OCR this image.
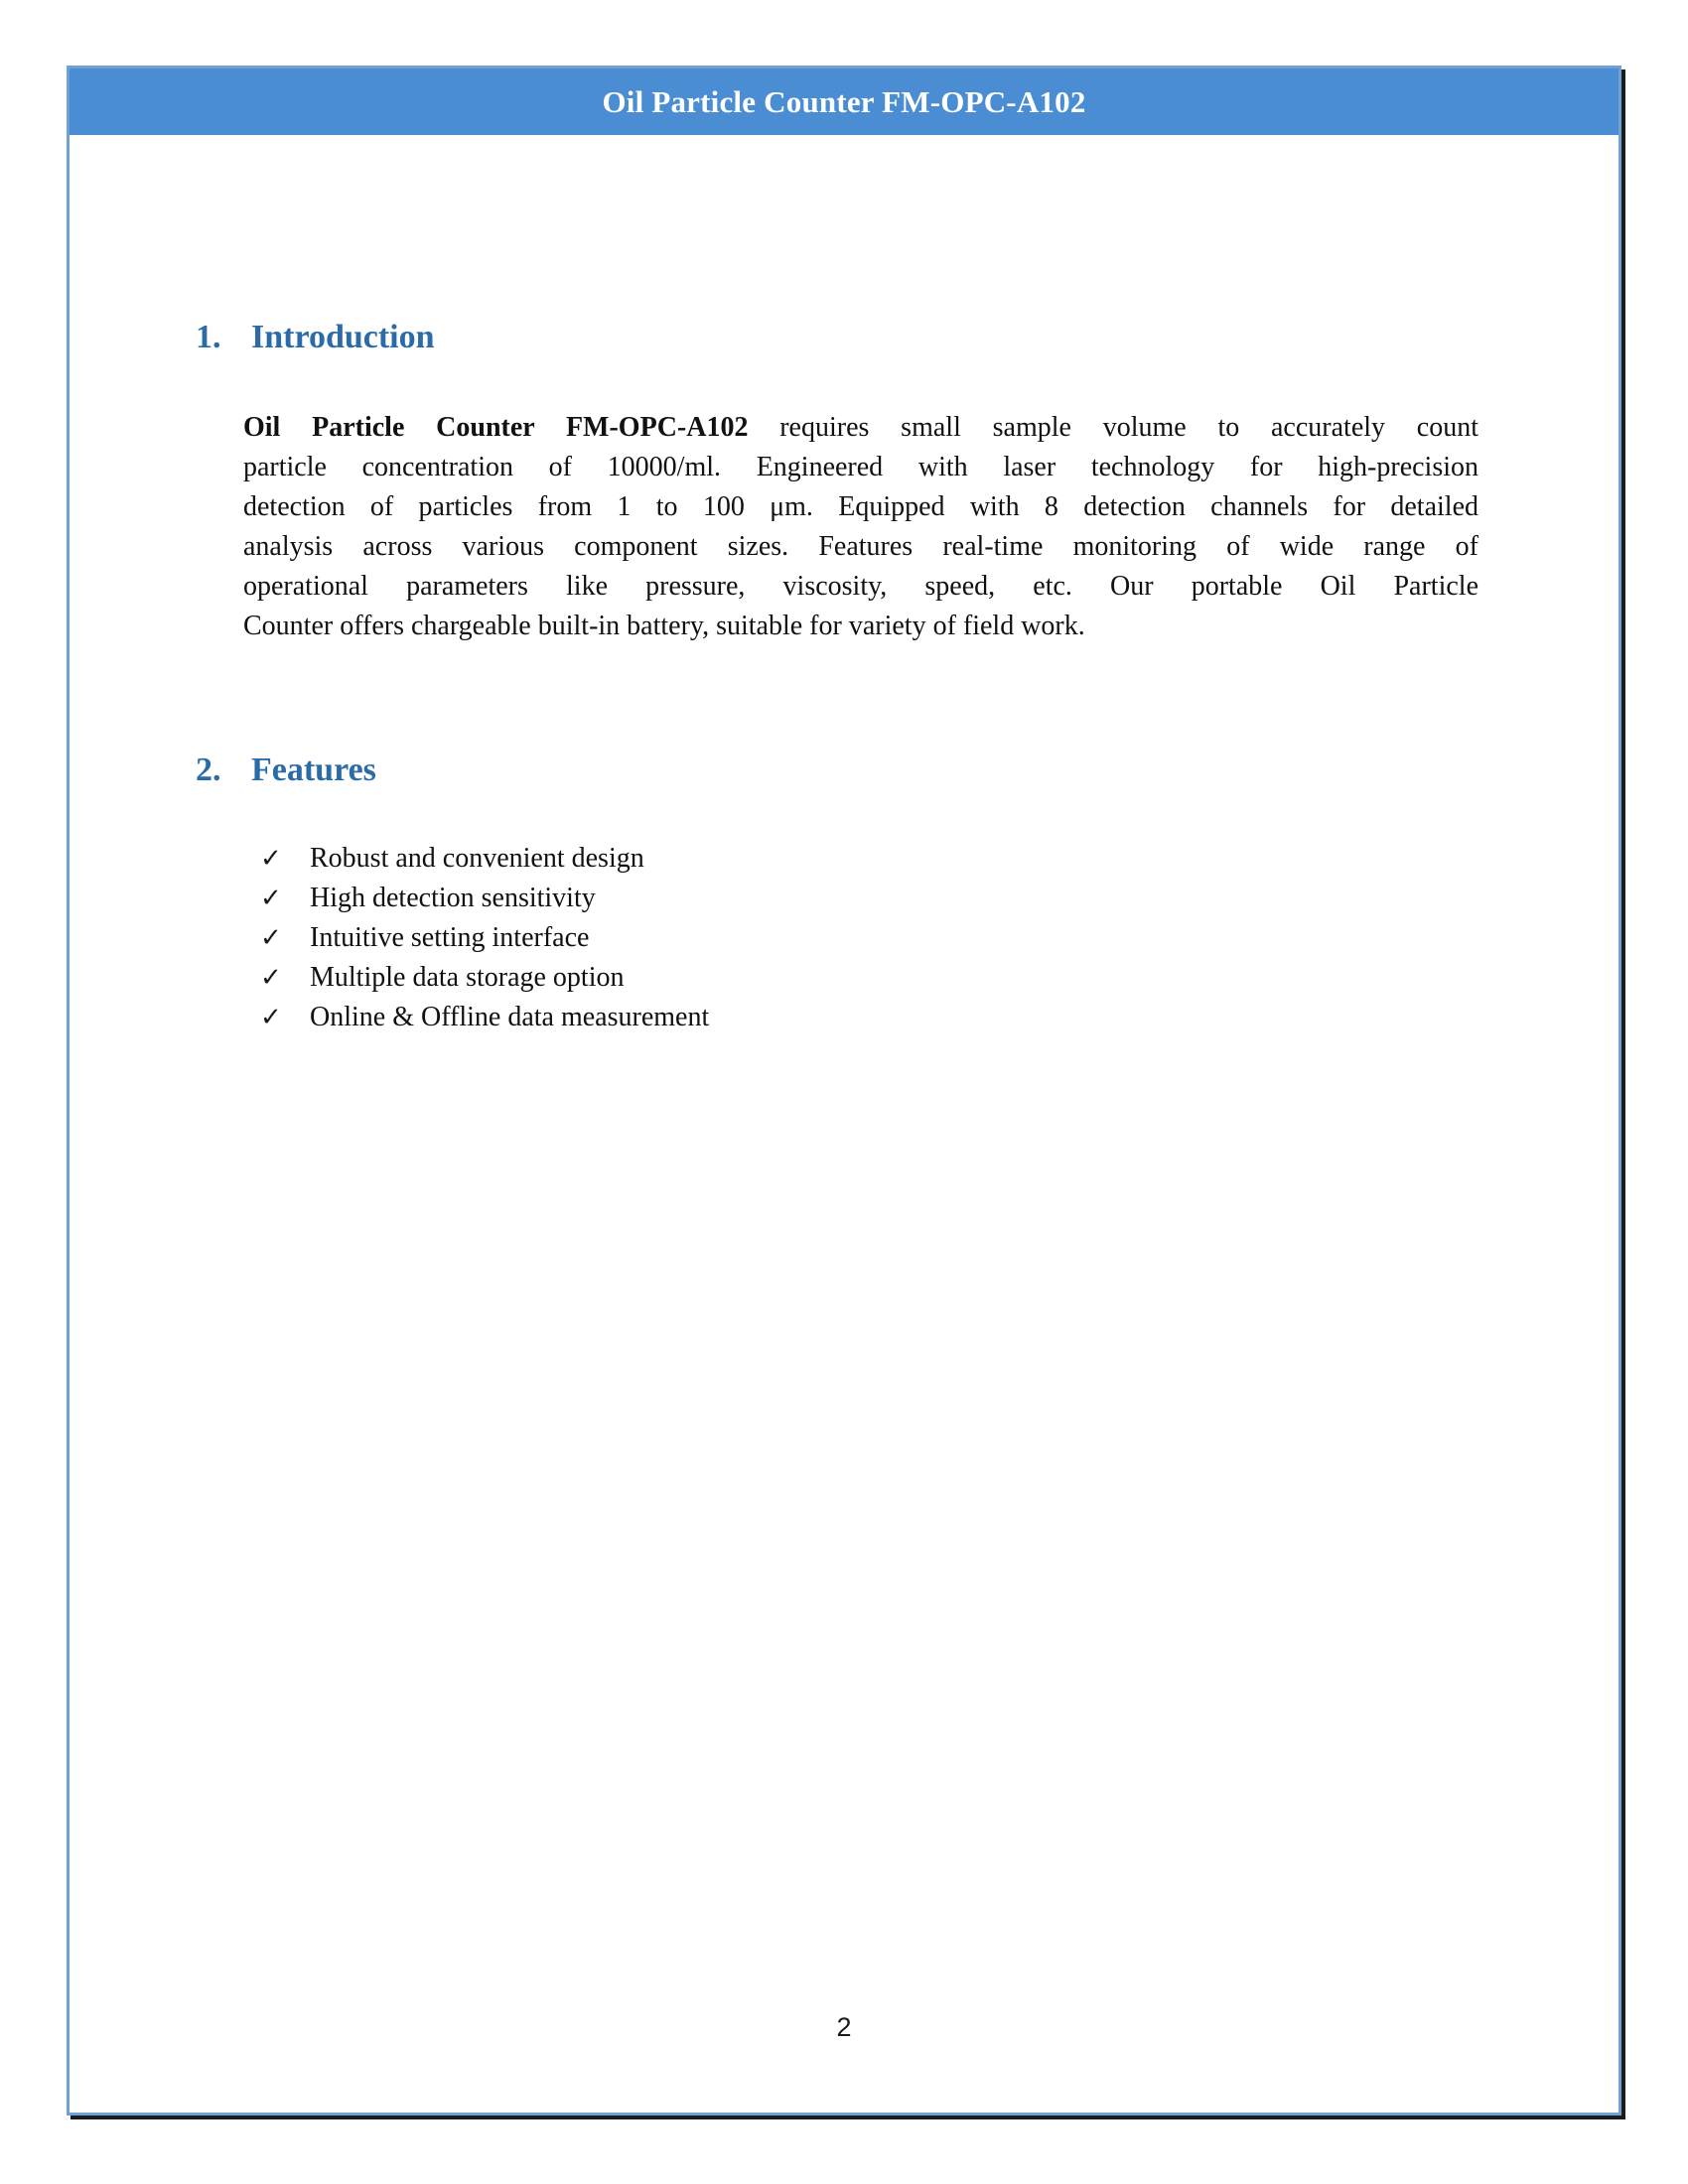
Oil Particle Counter FM-OPC-A102
1. Introduction
Oil Particle Counter FM-OPC-A102 requires small sample volume to accurately count
particle concentration of 10000/ml. Engineered with laser technology for high-precision
detection of particles from 1 to 100 μm. Equipped with 8 detection channels for detailed
analysis across various component sizes. Features real-time monitoring of wide range of
operational parameters like pressure, viscosity, speed, etc. Our portable Oil Particle
Counter offers chargeable built-in battery, suitable for variety of field work.
2. Features
✓ Robust and convenient design
✓ High detection sensitivity
✓ Intuitive setting interface
✓ Multiple data storage option
✓ Online & Offline data measurement
2
